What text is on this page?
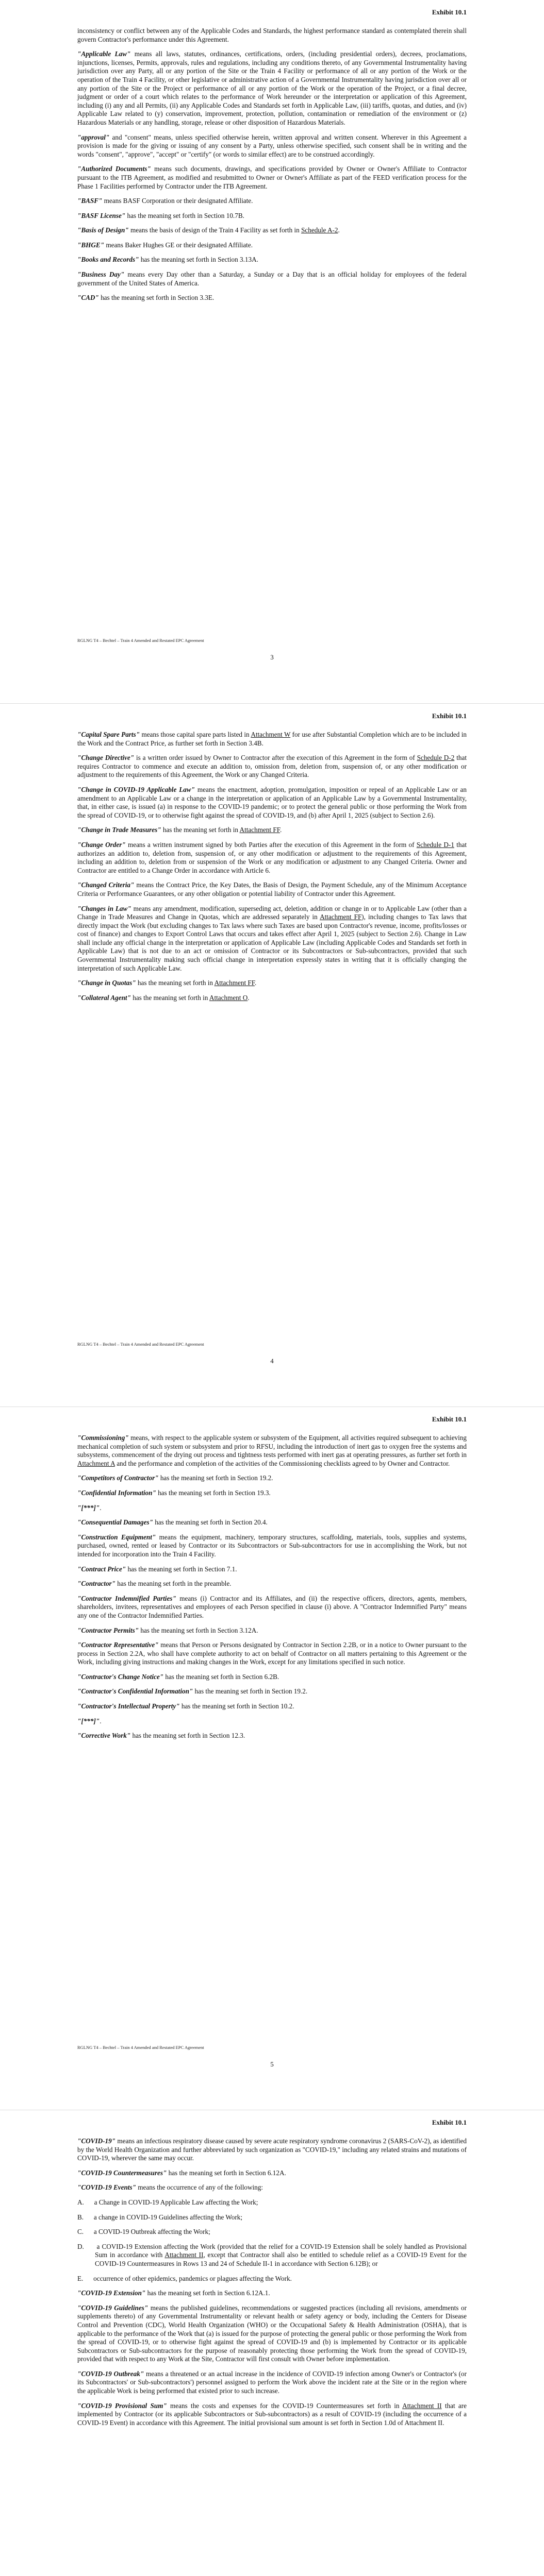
Exhibit 10.1

inconsistency or conflict between any of the Applicable Codes and Standards, the highest performance standard as contemplated therein shall govern Contractor's performance under this Agreement.

"Applicable Law" means all laws, statutes, ordinances, certifications, orders, (including presidential orders), decrees, proclamations, injunctions, licenses, Permits, approvals, rules and regulations, including any conditions thereto, of any Governmental Instrumentality having jurisdiction over any Party, all or any portion of the Site or the Train 4 Facility or performance of all or any portion of the Work or the operation of the Train 4 Facility, or other legislative or administrative action of a Governmental Instrumentality having jurisdiction over all or any portion of the Site or the Project or performance of all or any portion of the Work or the operation of the Project, or a final decree, judgment or order of a court which relates to the performance of Work hereunder or the interpretation or application of this Agreement, including (i) any and all Permits, (ii) any Applicable Codes and Standards set forth in Applicable Law, (iii) tariffs, quotas, and duties, and (iv) Applicable Law related to (y) conservation, improvement, protection, pollution, contamination or remediation of the environment or (z) Hazardous Materials or any handling, storage, release or other disposition of Hazardous Materials.

"approval" and "consent" means, unless specified otherwise herein, written approval and written consent. Wherever in this Agreement a provision is made for the giving or issuing of any consent by a Party, unless otherwise specified, such consent shall be in writing and the words "consent", "approve", "accept" or "certify" (or words to similar effect) are to be construed accordingly.

"Authorized Documents" means such documents, drawings, and specifications provided by Owner or Owner's Affiliate to Contractor pursuant to the ITB Agreement, as modified and resubmitted to Owner or Owner's Affiliate as part of the FEED verification process for the Phase 1 Facilities performed by Contractor under the ITB Agreement.

"BASF" means BASF Corporation or their designated Affiliate.

"BASF License" has the meaning set forth in Section 10.7B.

"Basis of Design" means the basis of design of the Train 4 Facility as set forth in Schedule A-2.

"BHGE" means Baker Hughes GE or their designated Affiliate.

"Books and Records" has the meaning set forth in Section 3.13A.

"Business Day" means every Day other than a Saturday, a Sunday or a Day that is an official holiday for employees of the federal government of the United States of America.

"CAD" has the meaning set forth in Section 3.3E.

RGLNG T4 – Bechtel – Train 4 Amended and Restated EPC Agreement
3
Exhibit 10.1

"Capital Spare Parts" means those capital spare parts listed in Attachment W for use after Substantial Completion which are to be included in the Work and the Contract Price, as further set forth in Section 3.4B.

"Change Directive" is a written order issued by Owner to Contractor after the execution of this Agreement in the form of Schedule D-2 that requires Contractor to commence and execute an addition to, omission from, deletion from, suspension of, or any other modification or adjustment to the requirements of this Agreement, the Work or any Changed Criteria.

"Change in COVID-19 Applicable Law" means the enactment, adoption, promulgation, imposition or repeal of an Applicable Law or an amendment to an Applicable Law or a change in the interpretation or application of an Applicable Law by a Governmental Instrumentality, that, in either case, is issued (a) in response to the COVID-19 pandemic; or to protect the general public or those performing the Work from the spread of COVID-19, or to otherwise fight against the spread of COVID-19, and (b) after April 1, 2025 (subject to Section 2.6).

"Change in Trade Measures" has the meaning set forth in Attachment FF.

"Change Order" means a written instrument signed by both Parties after the execution of this Agreement in the form of Schedule D-1 that authorizes an addition to, deletion from, suspension of, or any other modification or adjustment to the requirements of this Agreement, including an addition to, deletion from or suspension of the Work or any modification or adjustment to any Changed Criteria. Owner and Contractor are entitled to a Change Order in accordance with Article 6.

"Changed Criteria" means the Contract Price, the Key Dates, the Basis of Design, the Payment Schedule, any of the Minimum Acceptance Criteria or Performance Guarantees, or any other obligation or potential liability of Contractor under this Agreement.

"Changes in Law" means any amendment, modification, superseding act, deletion, addition or change in or to Applicable Law (other than a Change in Trade Measures and Change in Quotas, which are addressed separately in Attachment FF), including changes to Tax laws that directly impact the Work (but excluding changes to Tax laws where such Taxes are based upon Contractor's revenue, income, profits/losses or cost of finance) and changes to Export Control Laws that occurs and takes effect after April 1, 2025 (subject to Section 2.6). Change in Law shall include any official change in the interpretation or application of Applicable Law (including Applicable Codes and Standards set forth in Applicable Law) that is not due to an act or omission of Contractor or its Subcontractors or Sub-subcontractors, provided that such Governmental Instrumentality making such official change in interpretation expressly states in writing that it is officially changing the interpretation of such Applicable Law.

"Change in Quotas" has the meaning set forth in Attachment FF.

"Collateral Agent" has the meaning set forth in Attachment O.

RGLNG T4 – Bechtel – Train 4 Amended and Restated EPC Agreement
4
Exhibit 10.1

"Commissioning" means, with respect to the applicable system or subsystem of the Equipment, all activities required subsequent to achieving mechanical completion of such system or subsystem and prior to RFSU, including the introduction of inert gas to oxygen free the systems and subsystems, commencement of the drying out process and tightness tests performed with inert gas at operating pressures, as further set forth in Attachment A and the performance and completion of the activities of the Commissioning checklists agreed to by Owner and Contractor.

"Competitors of Contractor" has the meaning set forth in Section 19.2.

"Confidential Information" has the meaning set forth in Section 19.3.

"[***]".

"Consequential Damages" has the meaning set forth in Section 20.4.

"Construction Equipment" means the equipment, machinery, temporary structures, scaffolding, materials, tools, supplies and systems, purchased, owned, rented or leased by Contractor or its Subcontractors or Sub-subcontractors for use in accomplishing the Work, but not intended for incorporation into the Train 4 Facility.

"Contract Price" has the meaning set forth in Section 7.1.

"Contractor" has the meaning set forth in the preamble.

"Contractor Indemnified Parties" means (i) Contractor and its Affiliates, and (ii) the respective officers, directors, agents, members, shareholders, invitees, representatives and employees of each Person specified in clause (i) above. A "Contractor Indemnified Party" means any one of the Contractor Indemnified Parties.

"Contractor Permits" has the meaning set forth in Section 3.12A.

"Contractor Representative" means that Person or Persons designated by Contractor in Section 2.2B, or in a notice to Owner pursuant to the process in Section 2.2A, who shall have complete authority to act on behalf of Contractor on all matters pertaining to this Agreement or the Work, including giving instructions and making changes in the Work, except for any limitations specified in such notice.

"Contractor's Change Notice" has the meaning set forth in Section 6.2B.

"Contractor's Confidential Information" has the meaning set forth in Section 19.2.

"Contractor's Intellectual Property" has the meaning set forth in Section 10.2.

"[***]".

"Corrective Work" has the meaning set forth in Section 12.3.

RGLNG T4 – Bechtel – Train 4 Amended and Restated EPC Agreement
5
Exhibit 10.1

"COVID-19" means an infectious respiratory disease caused by severe acute respiratory syndrome coronavirus 2 (SARS-CoV-2), as identified by the World Health Organization and further abbreviated by such organization as "COVID-19," including any related strains and mutations of COVID-19, wherever the same may occur.

"COVID-19 Countermeasures" has the meaning set forth in Section 6.12A.

"COVID-19 Events" means the occurrence of any of the following:

A.      a Change in COVID-19 Applicable Law affecting the Work;

B.      a change in COVID-19 Guidelines affecting the Work;

C.      a COVID-19 Outbreak affecting the Work;

D.      a COVID-19 Extension affecting the Work (provided that the relief for a COVID-19 Extension shall be solely handled as Provisional Sum in accordance with Attachment II, except that Contractor shall also be entitled to schedule relief as a COVID-19 Event for the COVID-19 Countermeasures in Rows 13 and 24 of Schedule II-1 in accordance with Section 6.12B); or

E.      occurrence of other epidemics, pandemics or plagues affecting the Work.

"COVID-19 Extension" has the meaning set forth in Section 6.12A.1.

"COVID-19 Guidelines" means the published guidelines, recommendations or suggested practices (including all revisions, amendments or supplements thereto) of any Governmental Instrumentality or relevant health or safety agency or body, including the Centers for Disease Control and Prevention (CDC), World Health Organization (WHO) or the Occupational Safety & Health Administration (OSHA), that is applicable to the performance of the Work that (a) is issued for the purpose of protecting the general public or those performing the Work from the spread of COVID-19, or to otherwise fight against the spread of COVID-19 and (b) is implemented by Contractor or its applicable Subcontractors or Sub-subcontractors for the purpose of reasonably protecting those performing the Work from the spread of COVID-19, provided that with respect to any Work at the Site, Contractor will first consult with Owner before implementation.

"COVID-19 Outbreak" means a threatened or an actual increase in the incidence of COVID-19 infection among Owner's or Contractor's (or its Subcontractors' or Sub-subcontractors') personnel assigned to perform the Work above the incident rate at the Site or in the region where the applicable Work is being performed that existed prior to such increase.

"COVID-19 Provisional Sum" means the costs and expenses for the COVID-19 Countermeasures set forth in Attachment II that are implemented by Contractor (or its applicable Subcontractors or Sub-subcontractors) as a result of COVID-19 (including the occurrence of a COVID-19 Event) in accordance with this Agreement. The initial provisional sum amount is set forth in Section 1.0d of Attachment II.
